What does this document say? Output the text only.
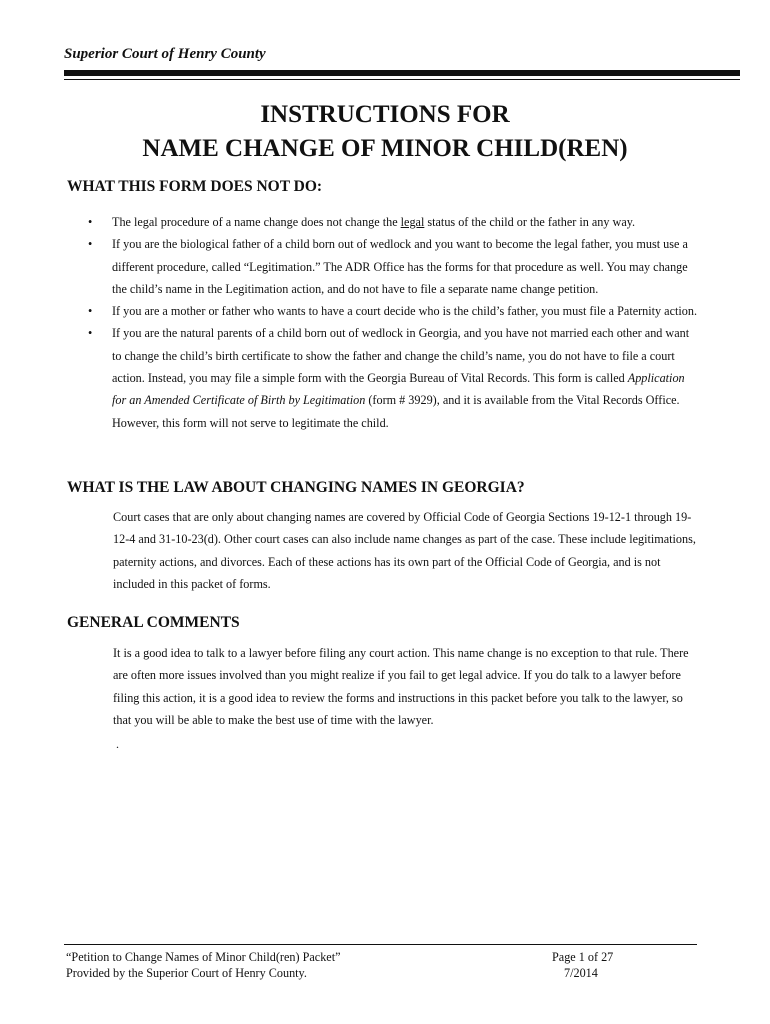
Superior Court of Henry County
INSTRUCTIONS FOR
NAME CHANGE OF MINOR CHILD(REN)
WHAT THIS FORM DOES NOT DO:
• The legal procedure of a name change does not change the legal status of the child or the father in any way.
• If you are the biological father of a child born out of wedlock and you want to become the legal father, you must use a different procedure, called “Legitimation.” The ADR Office has the forms for that procedure as well. You may change the child’s name in the Legitimation action, and do not have to file a separate name change petition.
• If you are a mother or father who wants to have a court decide who is the child’s father, you must file a Paternity action.
• If you are the natural parents of a child born out of wedlock in Georgia, and you have not married each other and want to change the child’s birth certificate to show the father and change the child’s name, you do not have to file a court action. Instead, you may file a simple form with the Georgia Bureau of Vital Records. This form is called Application for an Amended Certificate of Birth by Legitimation (form # 3929), and it is available from the Vital Records Office. However, this form will not serve to legitimate the child.
WHAT IS THE LAW ABOUT CHANGING NAMES IN GEORGIA?
Court cases that are only about changing names are covered by Official Code of Georgia Sections 19-12-1 through 19-12-4 and 31-10-23(d). Other court cases can also include name changes as part of the case. These include legitimations, paternity actions, and divorces. Each of these actions has its own part of the Official Code of Georgia, and is not included in this packet of forms.
GENERAL COMMENTS
It is a good idea to talk to a lawyer before filing any court action. This name change is no exception to that rule. There are often more issues involved than you might realize if you fail to get legal advice. If you do talk to a lawyer before filing this action, it is a good idea to review the forms and instructions in this packet before you talk to the lawyer, so that you will be able to make the best use of time with the lawyer.
.
“Petition to Change Names of Minor Child(ren) Packet”
Provided by the Superior Court of Henry County.
Page 1 of 27
7/2014
